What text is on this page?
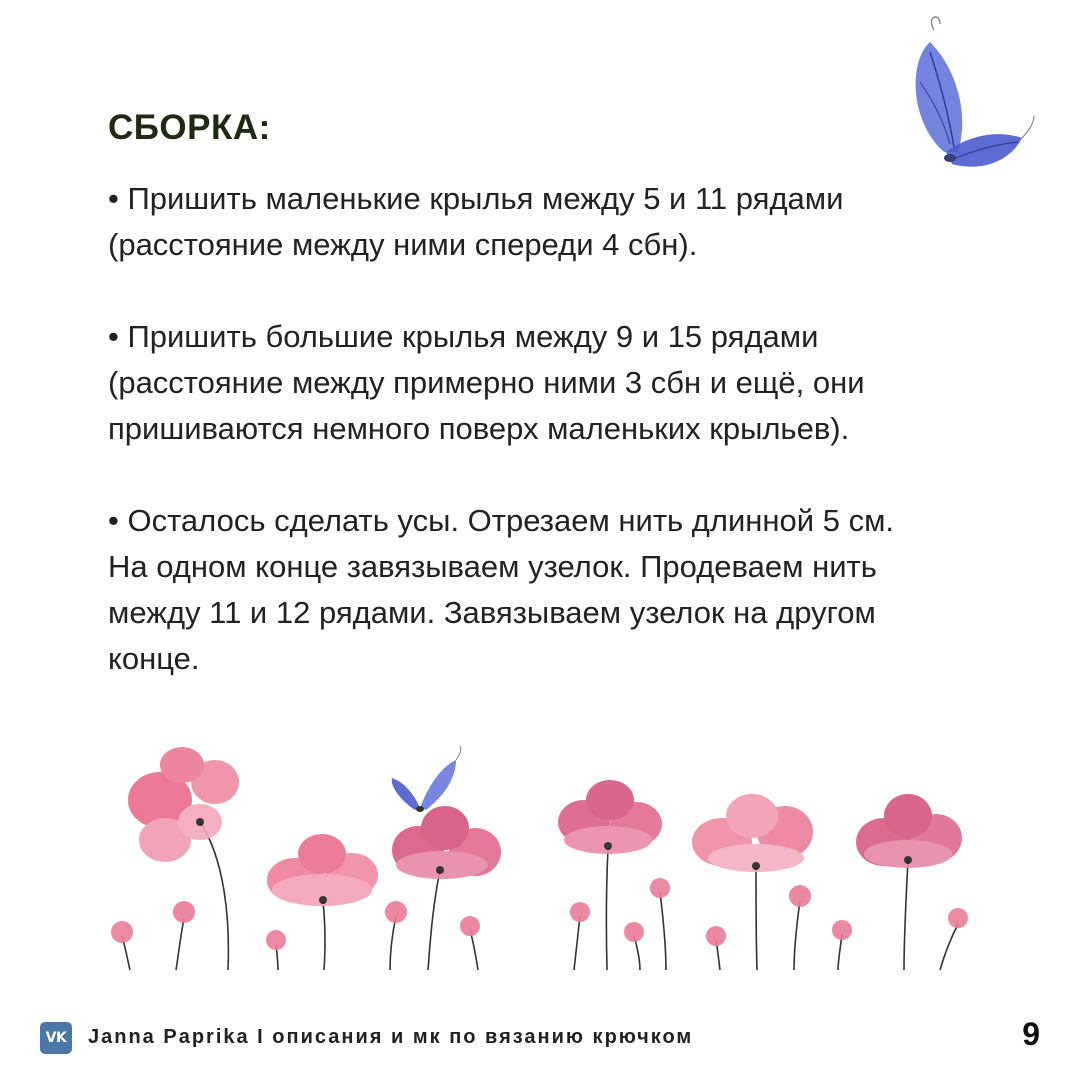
СБОРКА:

• Пришить маленькие крылья между 5 и 11 рядами
(расстояние между ними спереди 4 сбн).

• Пришить большие крылья между 9 и 15 рядами
(расстояние между примерно ними 3 сбн и ещё, они
пришиваются немного поверх маленьких крыльев).

• Осталось сделать усы. Отрезаем нить длинной 5 см.
На одном конце завязываем узелок. Продеваем нить
между 11 и 12 рядами. Завязываем узелок на другом
конце.

VK Janna Paprika I описания и мк по вязанию крючком	9
